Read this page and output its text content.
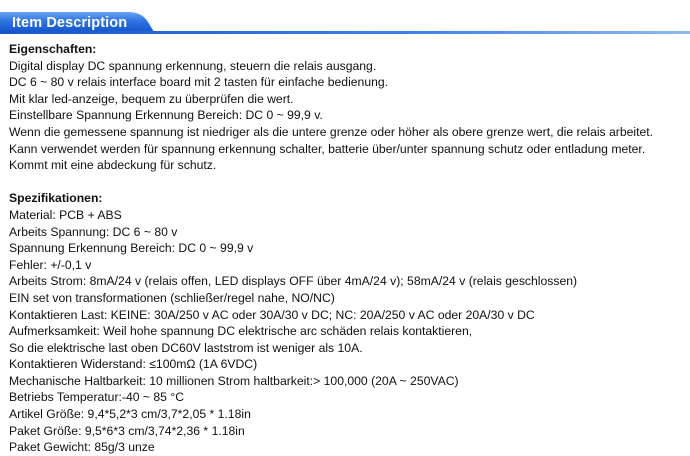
Item Description
Eigenschaften:
Digital display DC spannung erkennung, steuern die relais ausgang.
DC 6 ~ 80 v relais interface board mit 2 tasten für einfache bedienung.
Mit klar led-anzeige, bequem zu überprüfen die wert.
Einstellbare Spannung Erkennung Bereich: DC 0 ~ 99,9 v.
Wenn die gemessene spannung ist niedriger als die untere grenze oder höher als obere grenze wert, die relais arbeitet.
Kann verwendet werden für spannung erkennung schalter, batterie über/unter spannung schutz oder entladung meter.
Kommt mit eine abdeckung für schutz.
Spezifikationen:
Material: PCB + ABS
Arbeits Spannung: DC 6 ~ 80 v
Spannung Erkennung Bereich: DC 0 ~ 99,9 v
Fehler: +/-0,1 v
Arbeits Strom: 8mA/24 v (relais offen, LED displays OFF über 4mA/24 v); 58mA/24 v (relais geschlossen)
EIN set von transformationen (schließer/regel nahe, NO/NC)
Kontaktieren Last: KEINE: 30A/250 v AC oder 30A/30 v DC; NC: 20A/250 v AC oder 20A/30 v DC
Aufmerksamkeit: Weil hohe spannung DC elektrische arc schäden relais kontaktieren,
So die elektrische last oben DC60V laststrom ist weniger als 10A.
Kontaktieren Widerstand: ≤100mΩ (1A 6VDC)
Mechanische Haltbarkeit: 10 millionen Strom haltbarkeit:> 100,000 (20A ~ 250VAC)
Betriebs Temperatur:-40 ~ 85 °C
Artikel Größe: 9,4*5,2*3 cm/3,7*2,05 * 1.18in
Paket Größe: 9,5*6*3 cm/3,74*2,36 * 1.18in
Paket Gewicht: 85g/3 unze
